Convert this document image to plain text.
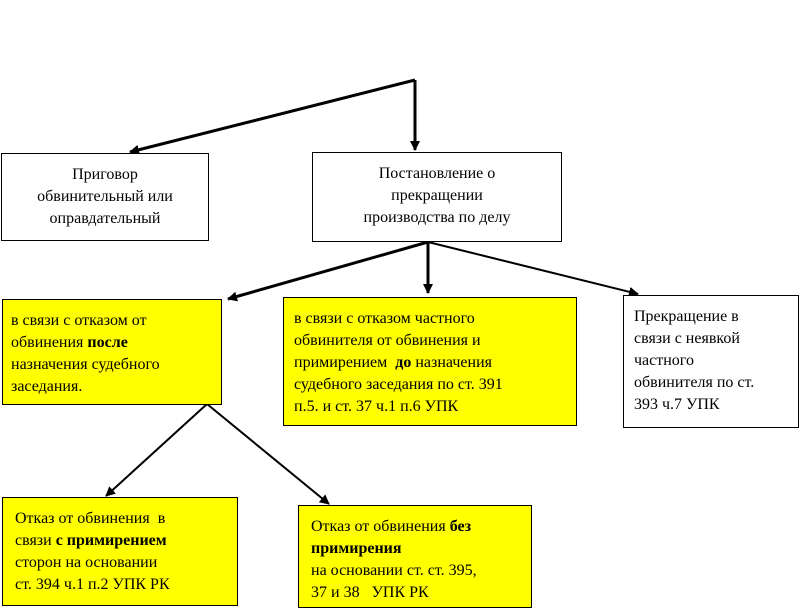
Приговор
обвинительный или
оправдательный
Постановление о
прекращении
производства по делу
в связи с отказом от
обвинения после
назначения судебного
заседания.
в связи с отказом частного
обвинителя от обвинения и
примирением  до назначения
судебного заседания по ст. 391
п.5. и ст. 37 ч.1 п.6 УПК
Прекращение в
связи с неявкой
частного
обвинителя по ст.
393 ч.7 УПК
Отказ от обвинения  в
связи с примирением
сторон на основании
ст. 394 ч.1 п.2 УПК РК
Отказ от обвинения без
примирения
на основании ст. ст. 395,
37 и 38   УПК РК
